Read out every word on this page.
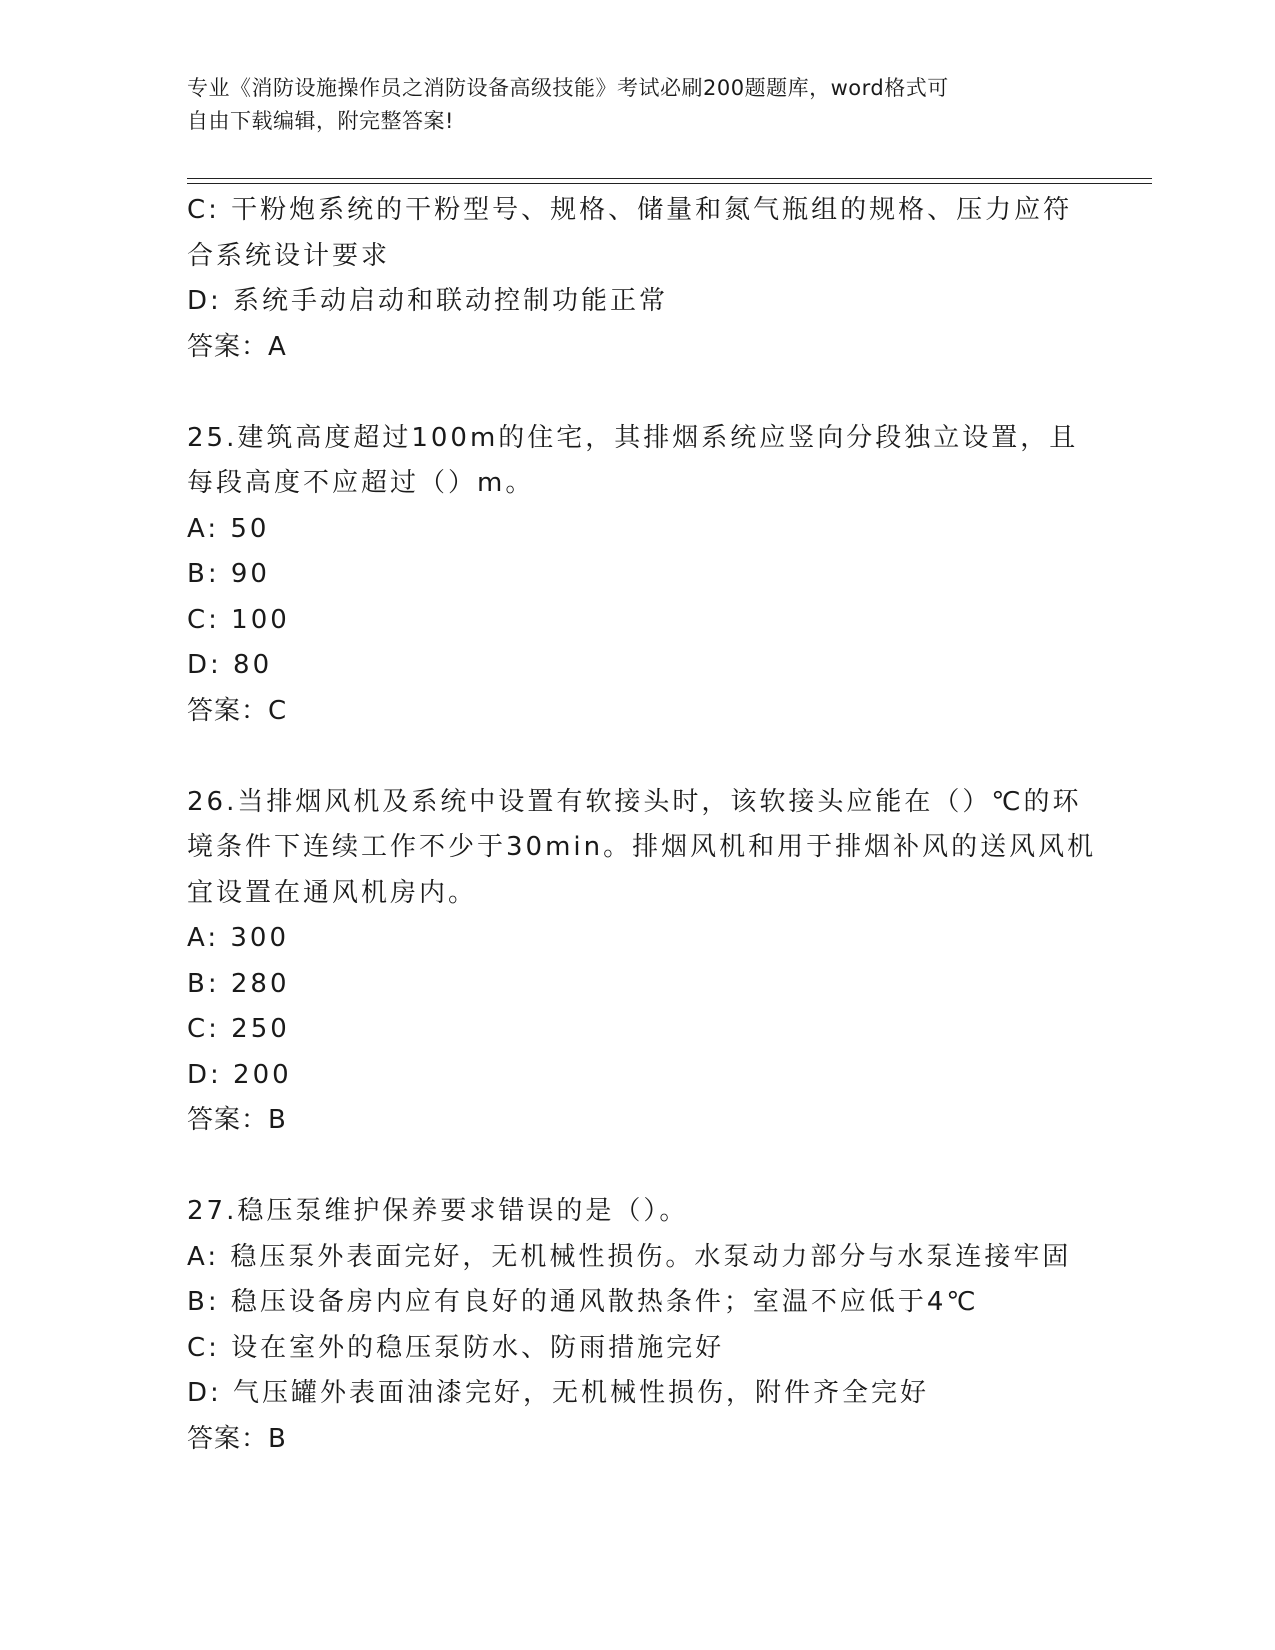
专业《消防设施操作员之消防设备高级技能》考试必刷200题题库，word格式可
自由下载编辑，附完整答案!
C: 干粉炮系统的干粉型号、规格、储量和氮气瓶组的规格、压力应符
合系统设计要求
D: 系统手动启动和联动控制功能正常
答案：A
25.建筑高度超过100m的住宅，其排烟系统应竖向分段独立设置，且
每段高度不应超过（）m。
A: 50
B: 90
C: 100
D: 80
答案：C
26.当排烟风机及系统中设置有软接头时，该软接头应能在（）℃的环
境条件下连续工作不少于30min。排烟风机和用于排烟补风的送风风机
宜设置在通风机房内。
A: 300
B: 280
C: 250
D: 200
答案：B
27.稳压泵维护保养要求错误的是（）。
A: 稳压泵外表面完好，无机械性损伤。水泵动力部分与水泵连接牢固
B: 稳压设备房内应有良好的通风散热条件；室温不应低于4℃
C: 设在室外的稳压泵防水、防雨措施完好
D: 气压罐外表面油漆完好，无机械性损伤，附件齐全完好
答案：B
